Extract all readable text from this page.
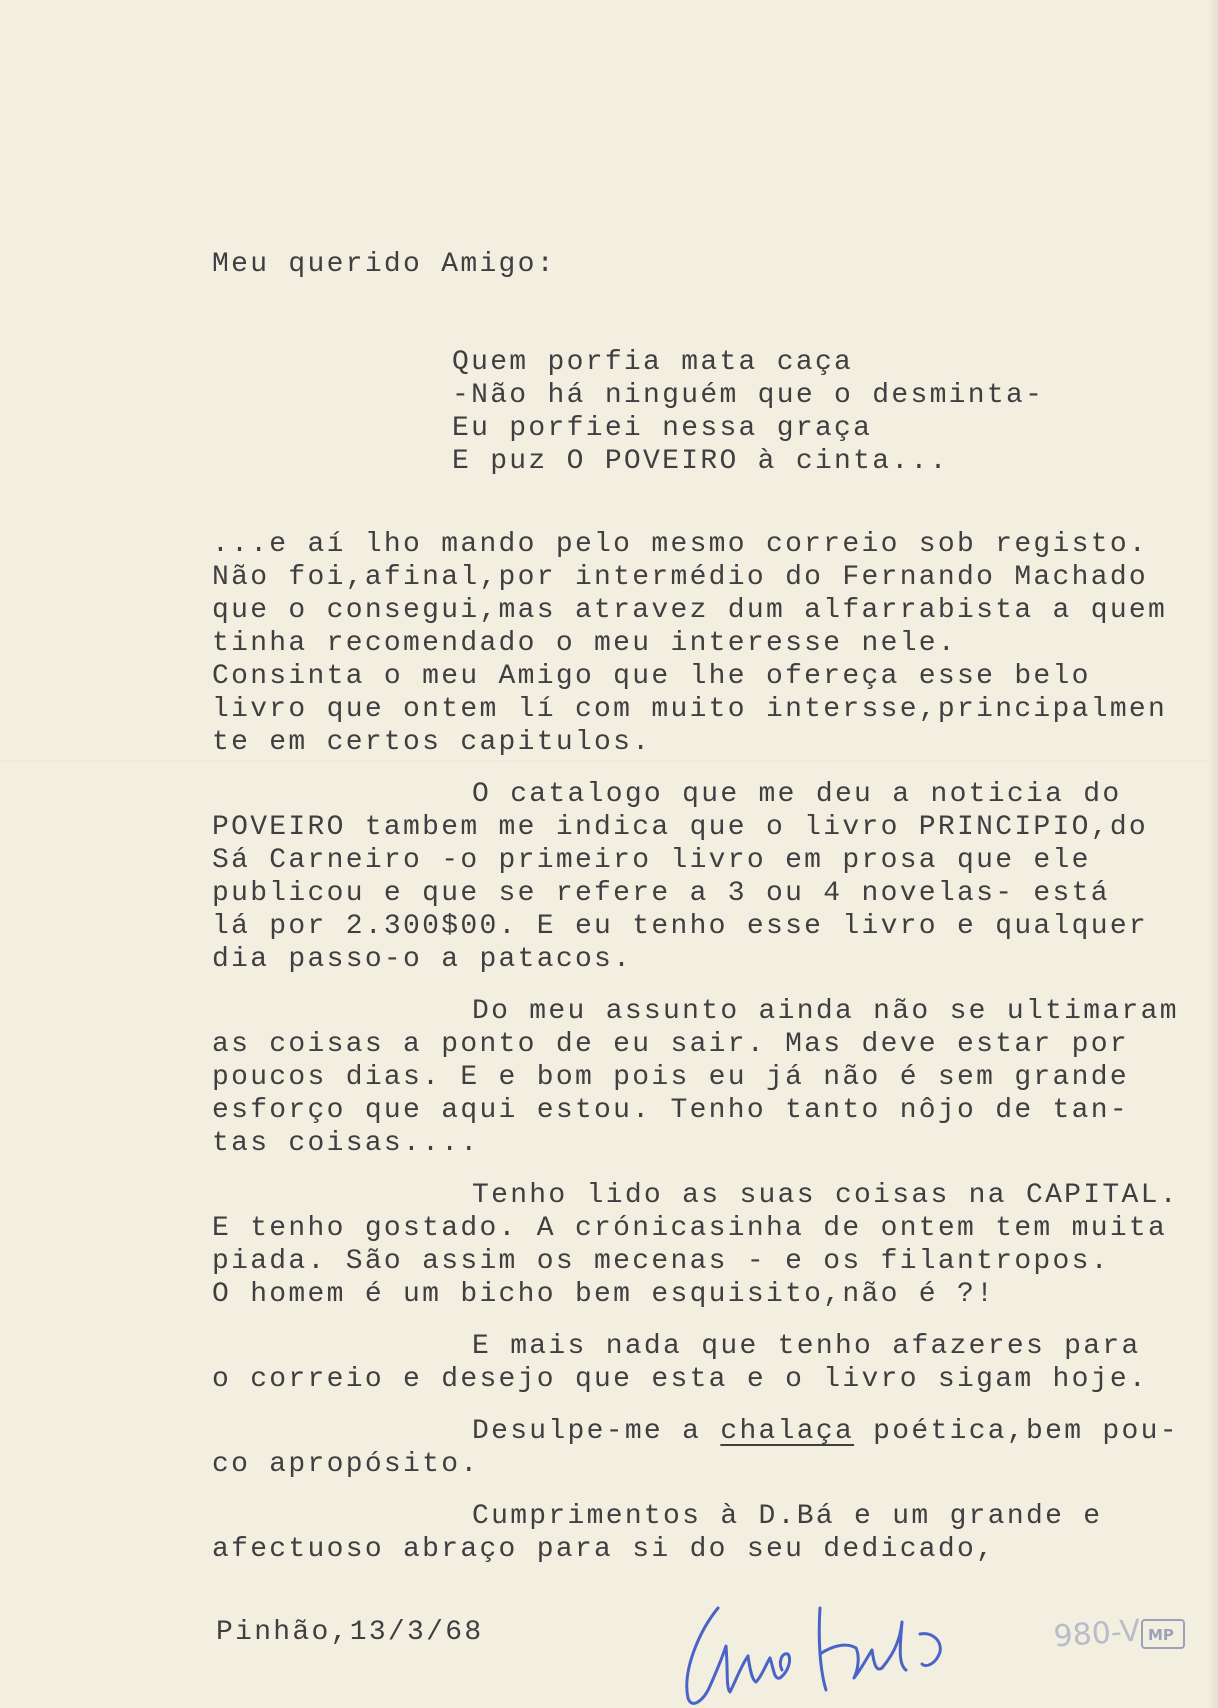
Meu querido Amigo:

Quem porfia mata caça

-Não há ninguém que o desminta-

Eu porfiei nessa graça

E puz O POVEIRO à cinta...

...e aí lho mando pelo mesmo correio sob registo.

Não foi,afinal,por intermédio do Fernando Machado

que o consegui,mas atravez dum alfarrabista a quem

tinha recomendado o meu interesse nele.

Consinta o meu Amigo que lhe ofereça esse belo

livro que ontem lí com muito intersse,principalmen

te em certos capitulos.

O catalogo que me deu a noticia do

POVEIRO tambem me indica que o livro PRINCIPIO,do

Sá Carneiro -o primeiro livro em prosa que ele

publicou e que se refere a 3 ou 4 novelas- está

lá por 2.300$00. E eu tenho esse livro e qualquer

dia passo-o a patacos.

Do meu assunto ainda não se ultimaram

as coisas a ponto de eu sair. Mas deve estar por

poucos dias. E e bom pois eu já não é sem grande

esforço que aqui estou. Tenho tanto nôjo de tan-

tas coisas....

Tenho lido as suas coisas na CAPITAL.

E tenho gostado. A crónicasinha de ontem tem muita

piada. São assim os mecenas - e os filantropos.

O homem é um bicho bem esquisito,não é ?!

E mais nada que tenho afazeres para

o correio e desejo que esta e o livro sigam hoje.

Desulpe-me a chalaça poética,bem pou-

co apropósito.

Cumprimentos à D.Bá e um grande e

afectuoso abraço para si do seu dedicado,

Pinhão,13/3/68	980-V MP
